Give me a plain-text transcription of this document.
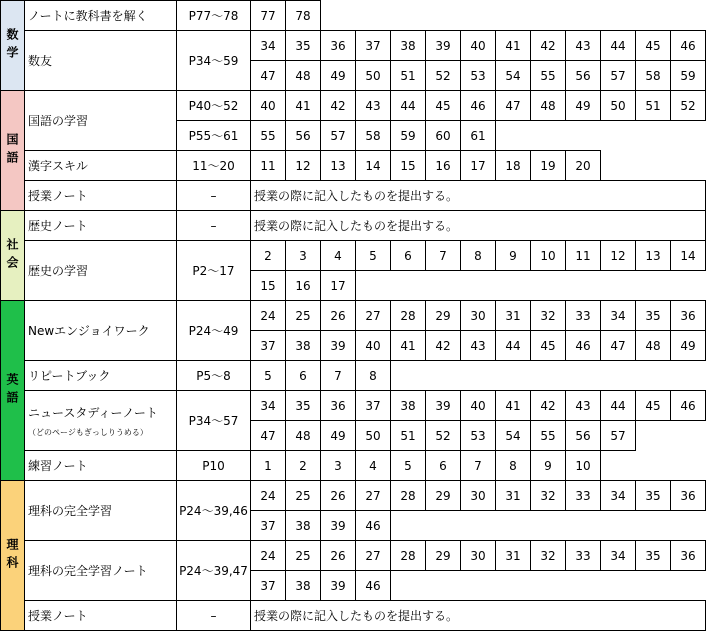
数学	ノートに教科書を解く	P77〜78	77	78											

	数友	P34〜59	34	35	36	37	38	39	40	41	42	43	44	45	46
			47	48	49	50	51	52	53	54	55	56	57	58	59
国語	国語の学習	P40〜52	40	41	42	43	44	45	46	47	48	49	50	51	52
		P55〜61	55	56	57	58	59	60	61						

	漢字スキル	11〜20	11	12	13	14	15	16	17	18	19	20			

	授業ノート	–	授業の際に記入したものを提出する。												
社会	歴史ノート	–	授業の際に記入したものを提出する。												

	歴史の学習	P2〜17	2	3	4	5	6	7	8	9	10	11	12	13	14
			15	16	17										
英語	Newエンジョイワーク	P24〜49	24	25	26	27	28	29	30	31	32	33	34	35	36
			37	38	39	40	41	42	43	44	45	46	47	48	49

	リピートブック	P5〜8	5	6	7	8									

	ニュースタディーノート
（どのページもぎっしりうめる）	P34〜57	34	35	36	37	38	39	40	41	42	43	44	45	46
			47	48	49	50	51	52	53	54	55	56	57		

	練習ノート	P10	1	2	3	4	5	6	7	8	9	10			
理科	理科の完全学習	P24〜39,46	24	25	26	27	28	29	30	31	32	33	34	35	36
			37	38	39	46									

	理科の完全学習ノート	P24〜39,47	24	25	26	27	28	29	30	31	32	33	34	35	36
			37	38	39	46									

	授業ノート	–	授業の際に記入したものを提出する。												
